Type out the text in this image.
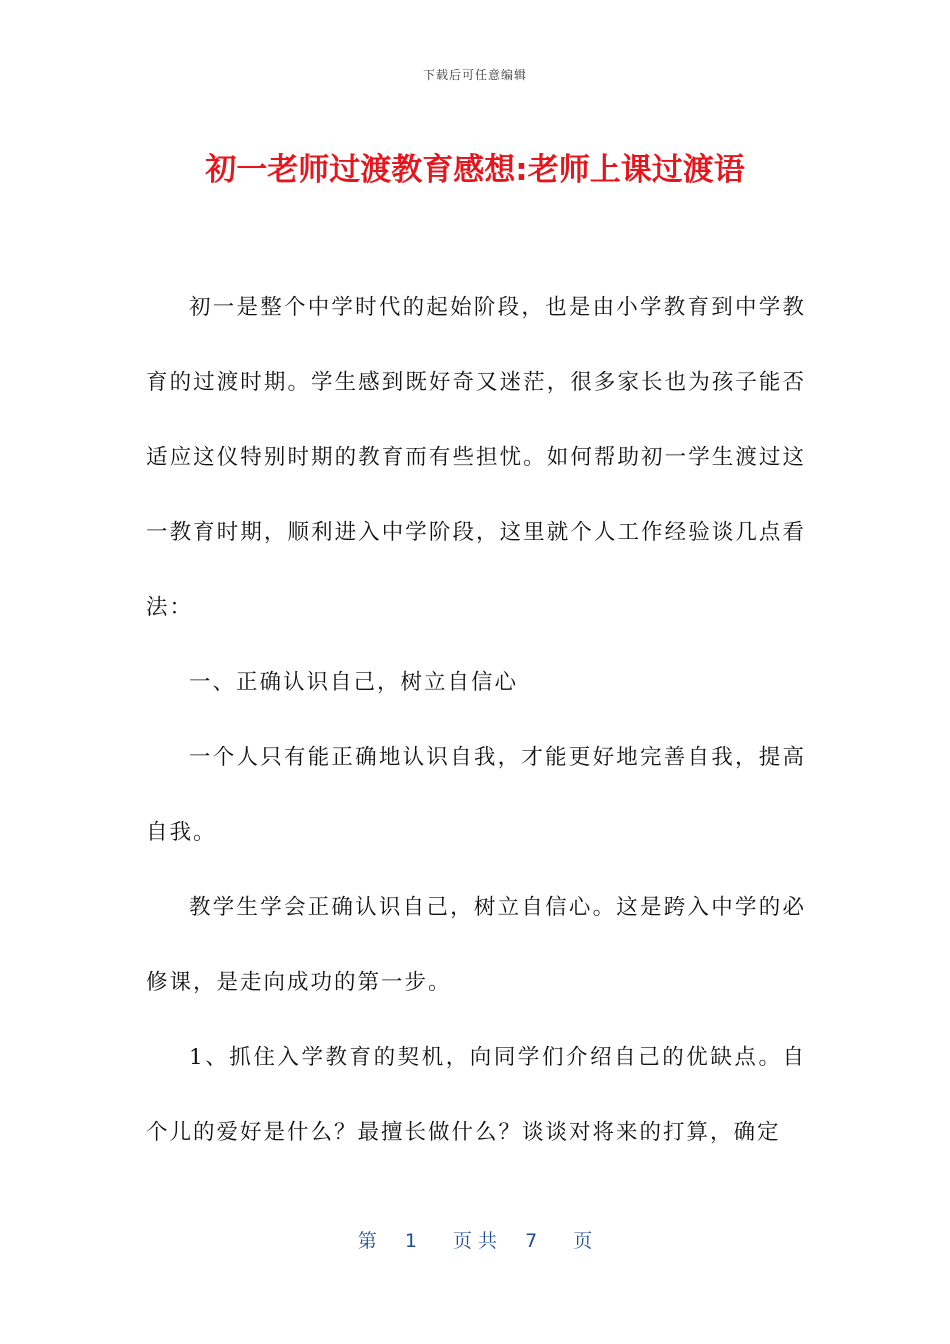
下载后可任意编辑
初一老师过渡教育感想:老师上课过渡语

初一是整个中学时代的起始阶段，也是由小学教育到中学教育的过渡时期。学生感到既好奇又迷茫，很多家长也为孩子能否适应这仪特别时期的教育而有些担忧。如何帮助初一学生渡过这一教育时期，顺利进入中学阶段，这里就个人工作经验谈几点看法：

一、正确认识自己，树立自信心

一个人只有能正确地认识自我，才能更好地完善自我，提高自我。

教学生学会正确认识自己，树立自信心。这是跨入中学的必修课，是走向成功的第一步。

1、抓住入学教育的契机，向同学们介绍自己的优缺点。自个儿的爱好是什么？最擅长做什么？谈谈对将来的打算，确定

第 1 页 共 7 页
